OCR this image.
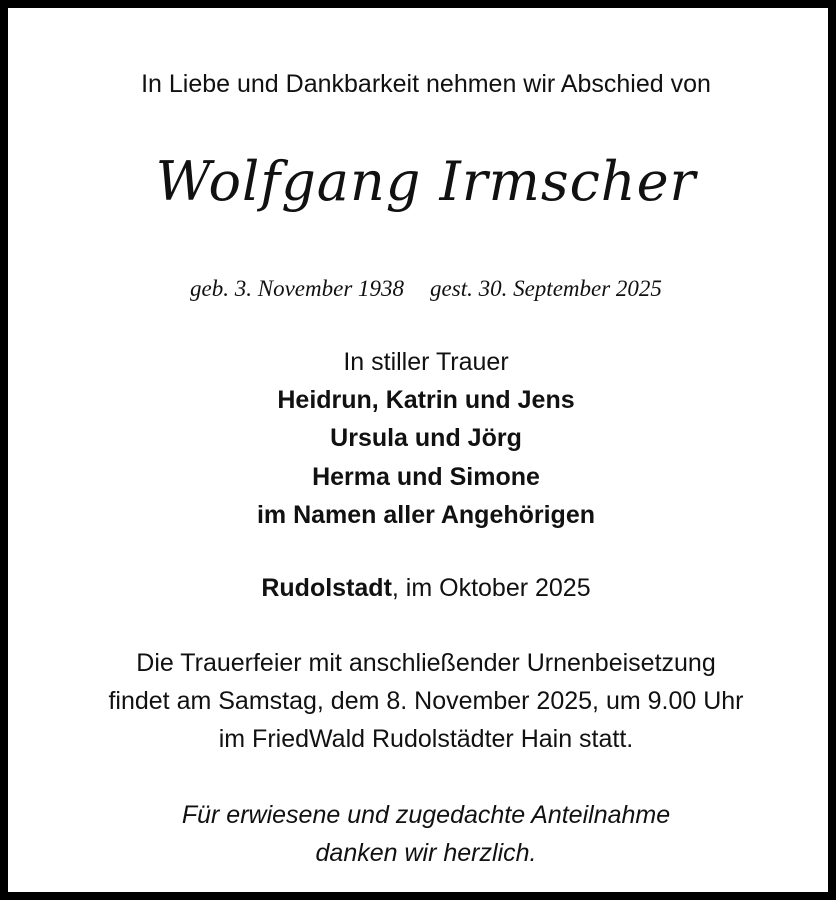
In Liebe und Dankbarkeit nehmen wir Abschied von
Wolfgang Irmscher
geb. 3. November 1938 gest. 30. September 2025
In stiller Trauer
Heidrun, Katrin und Jens
Ursula und Jörg
Herma und Simone
im Namen aller Angehörigen
Rudolstadt, im Oktober 2025
Die Trauerfeier mit anschließender Urnenbeisetzung
findet am Samstag, dem 8. November 2025, um 9.00 Uhr
im FriedWald Rudolstädter Hain statt.
Für erwiesene und zugedachte Anteilnahme
danken wir herzlich.
